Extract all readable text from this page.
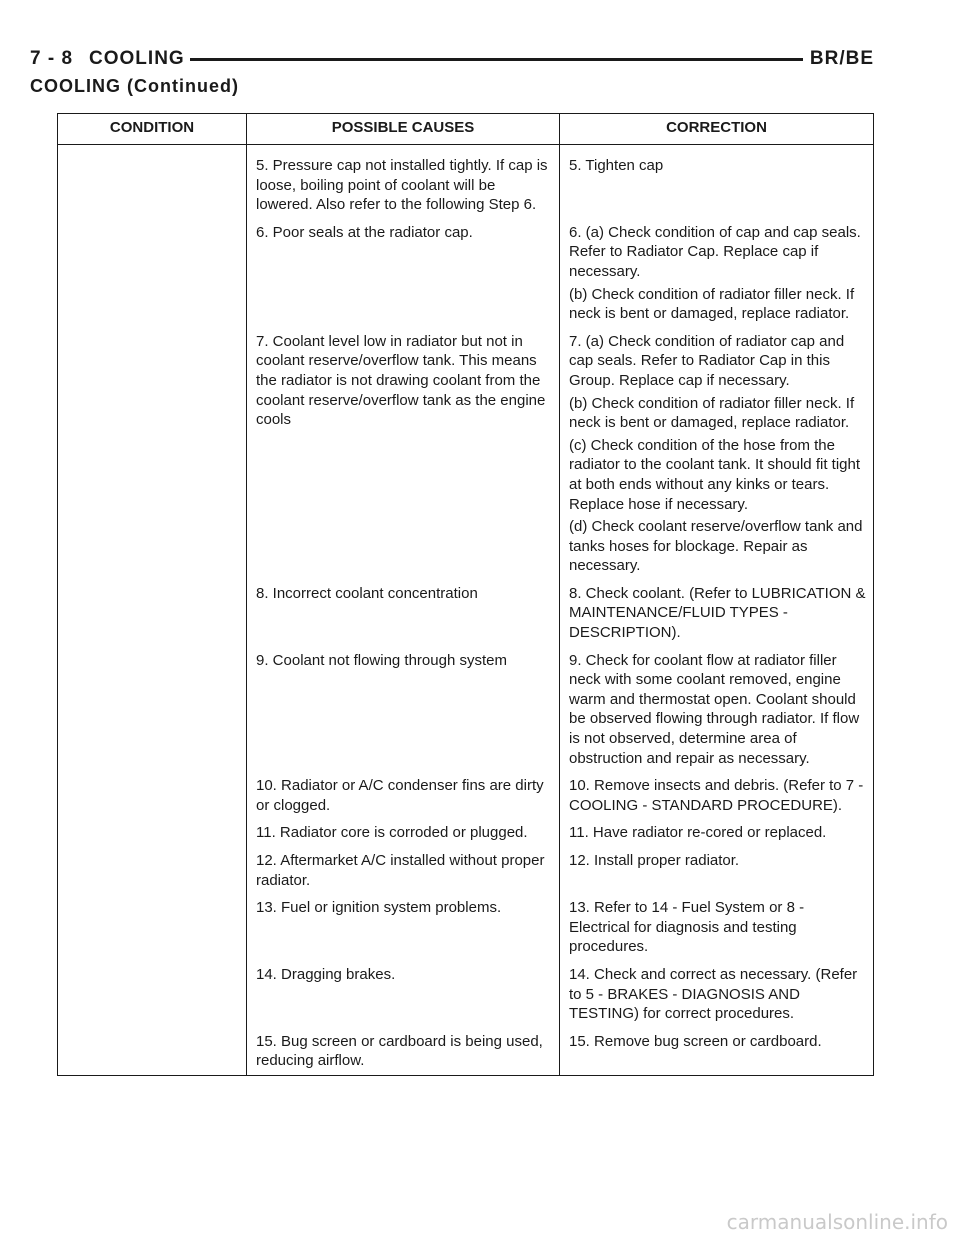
7 - 8 COOLING	BR/BE
COOLING (Continued)
CONDITION	POSSIBLE CAUSES	CORRECTION

	5. Pressure cap not installed tightly. If cap is loose, boiling point of coolant will be lowered. Also refer to the following Step 6.	5. Tighten cap

	6. Poor seals at the radiator cap.	6. (a) Check condition of cap and cap seals. Refer to Radiator Cap. Replace cap if necessary.
(b) Check condition of radiator filler neck. If neck is bent or damaged, replace radiator.

	7. Coolant level low in radiator but not in coolant reserve/overflow tank. This means the radiator is not drawing coolant from the coolant reserve/overflow tank as the engine cools	7. (a) Check condition of radiator cap and cap seals. Refer to Radiator Cap in this Group. Replace cap if necessary.
(b) Check condition of radiator filler neck. If neck is bent or damaged, replace radiator.
(c) Check condition of the hose from the radiator to the coolant tank. It should fit tight at both ends without any kinks or tears. Replace hose if necessary.
(d) Check coolant reserve/overflow tank and tanks hoses for blockage. Repair as necessary.

	8. Incorrect coolant concentration	8. Check coolant. (Refer to LUBRICATION & MAINTENANCE/FLUID TYPES - DESCRIPTION).

	9. Coolant not flowing through system	9. Check for coolant flow at radiator filler neck with some coolant removed, engine warm and thermostat open. Coolant should be observed flowing through radiator. If flow is not observed, determine area of obstruction and repair as necessary.

	10. Radiator or A/C condenser fins are dirty or clogged.	10. Remove insects and debris. (Refer to 7 - COOLING - STANDARD PROCEDURE).

	11. Radiator core is corroded or plugged.	11. Have radiator re-cored or replaced.

	12. Aftermarket A/C installed without proper radiator.	12. Install proper radiator.

	13. Fuel or ignition system problems.	13. Refer to 14 - Fuel System or 8 - Electrical for diagnosis and testing procedures.

	14. Dragging brakes.	14. Check and correct as necessary. (Refer to 5 - BRAKES - DIAGNOSIS AND TESTING) for correct procedures.

	15. Bug screen or cardboard is being used, reducing airflow.	15. Remove bug screen or cardboard.
carmanualsonline.info
